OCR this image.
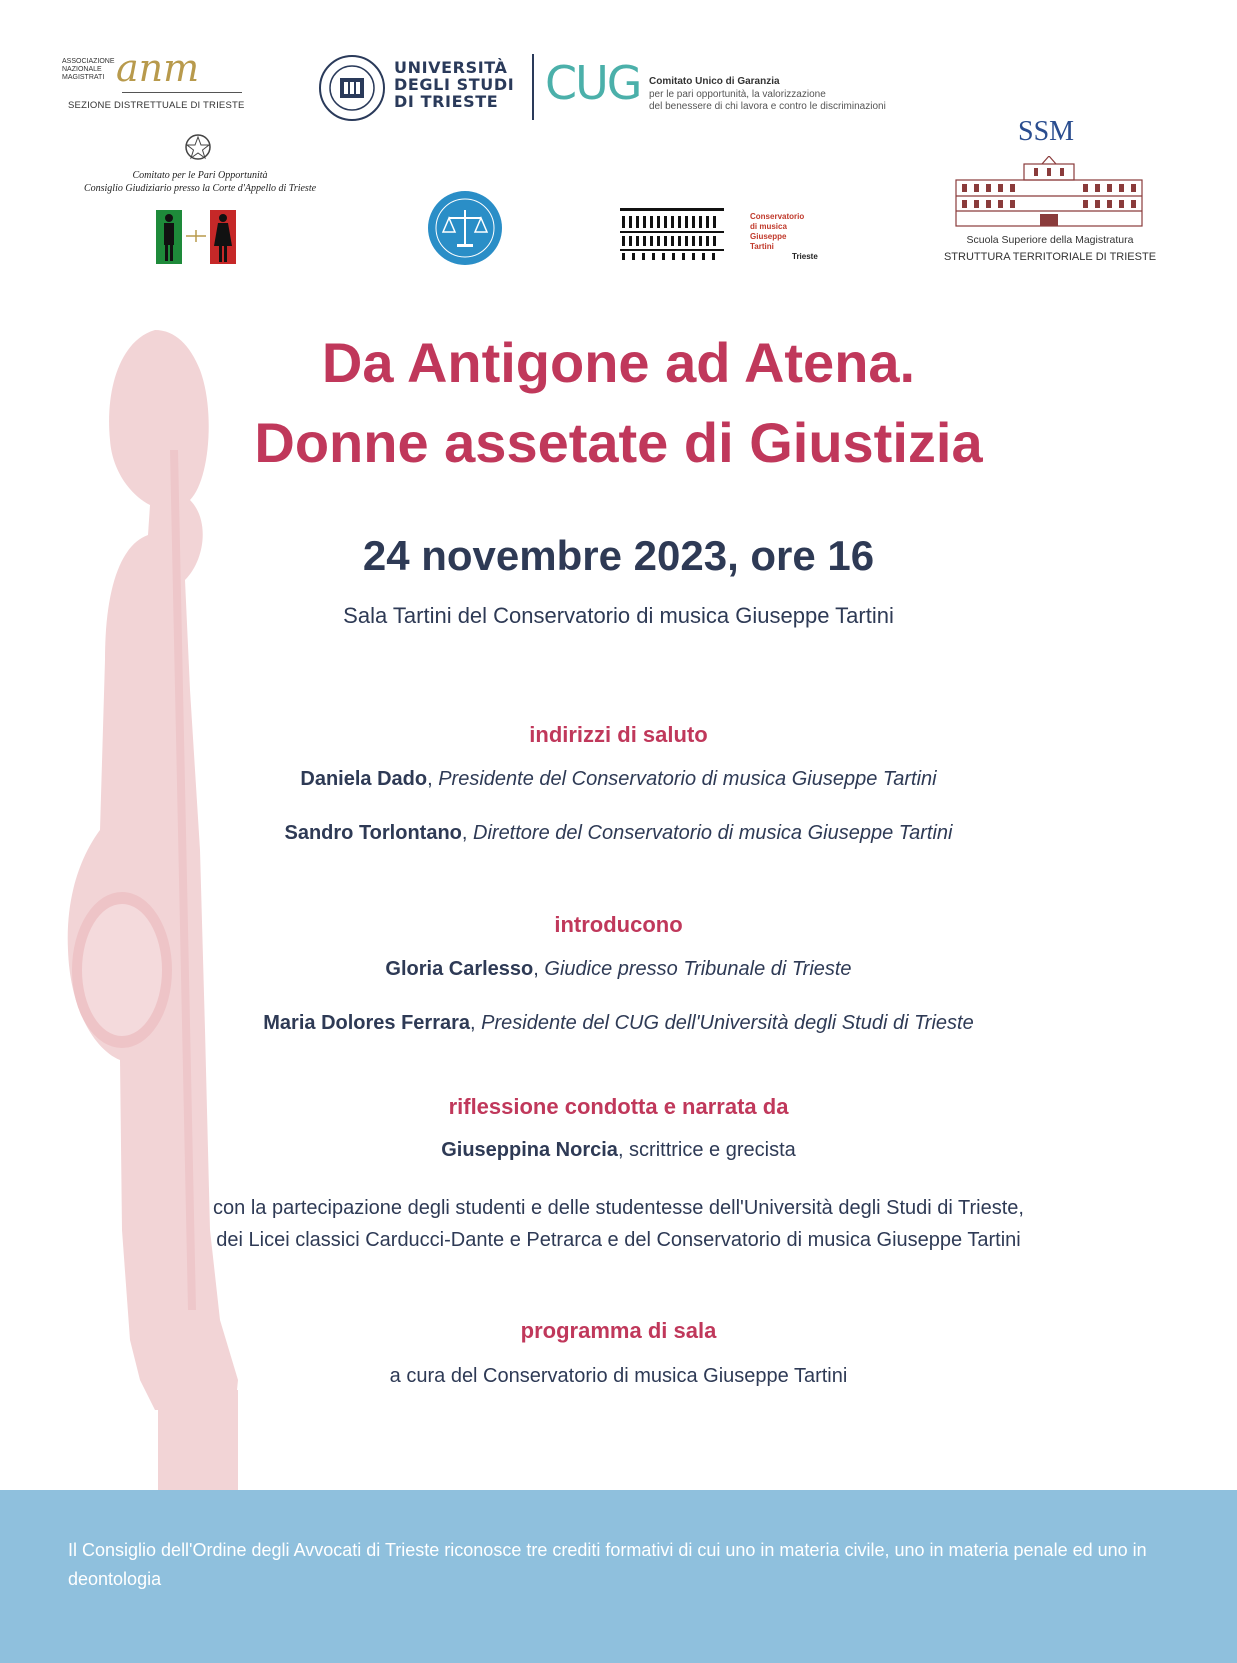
ASSOCIAZIONE
NAZIONALE
MAGISTRATI anm
SEZIONE DISTRETTUALE DI TRIESTE
UNIVERSITÀ
DEGLI STUDI
DI TRIESTE CUG Comitato Unico di Garanzia
per le pari opportunità, la valorizzazione
del benessere di chi lavora e contro le discriminazioni
Comitato per le Pari Opportunità
Consiglio Giudiziario presso la Corte d'Appello di Trieste
Conservatorio
di musica
Giuseppe
Tartini
Trieste
SSM
Scuola Superiore della Magistratura
STRUTTURA TERRITORIALE DI TRIESTE
Da Antigone ad Atena.
Donne assetate di Giustizia
24 novembre 2023, ore 16
Sala Tartini del Conservatorio di musica Giuseppe Tartini
indirizzi di saluto
Daniela Dado, Presidente del Conservatorio di musica Giuseppe Tartini
Sandro Torlontano, Direttore del Conservatorio di musica Giuseppe Tartini
introducono
Gloria Carlesso, Giudice presso Tribunale di Trieste
Maria Dolores Ferrara, Presidente del CUG dell'Università degli Studi di Trieste
riflessione condotta e narrata da
Giuseppina Norcia, scrittrice e grecista
con la partecipazione degli studenti e delle studentesse dell'Università degli Studi di Trieste,
dei Licei classici Carducci-Dante e Petrarca e del Conservatorio di musica Giuseppe Tartini
programma di sala
a cura del Conservatorio di musica Giuseppe Tartini
Il Consiglio dell'Ordine degli Avvocati di Trieste riconosce tre crediti formativi di cui uno in materia civile, uno in materia penale ed uno in deontologia
